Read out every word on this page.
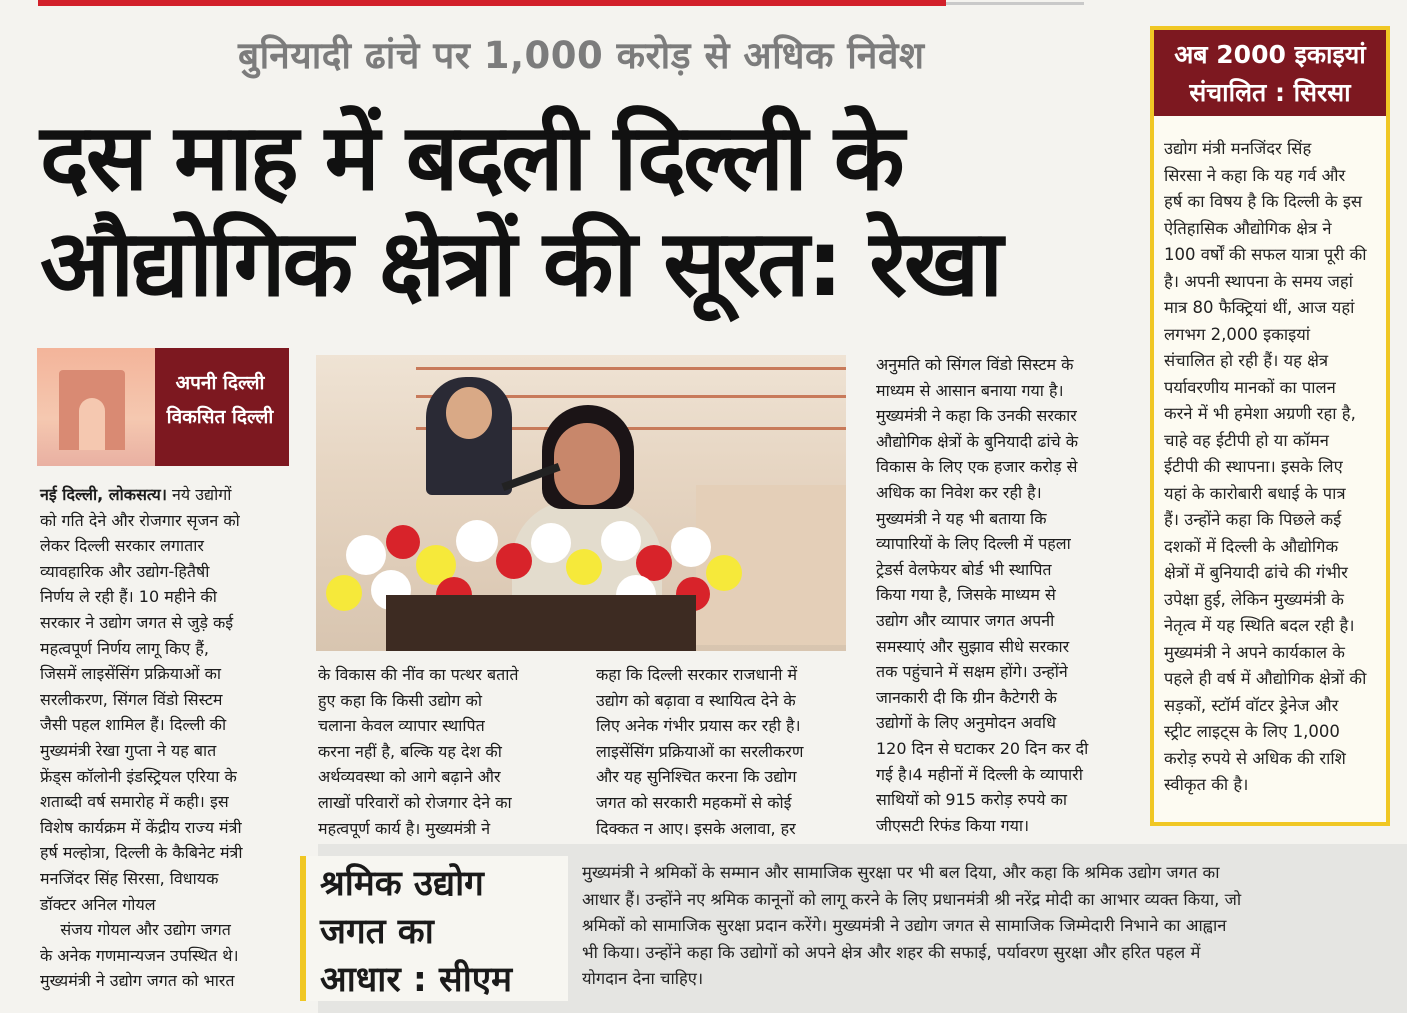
बुनियादी ढांचे पर 1,000 करोड़ से अधिक निवेश
दस माह में बदली दिल्ली के
औद्योगिक क्षेत्रों की सूरत: रेखा
अब 2000 इकाइयां
संचालित : सिरसा
उद्योग मंत्री मनजिंदर सिंह
सिरसा ने कहा कि यह गर्व और
हर्ष का विषय है कि दिल्ली के इस
ऐतिहासिक औद्योगिक क्षेत्र ने
100 वर्षों की सफल यात्रा पूरी की
है। अपनी स्थापना के समय जहां
मात्र 80 फैक्ट्रियां थीं, आज यहां
लगभग 2,000 इकाइयां
संचालित हो रही हैं। यह क्षेत्र
पर्यावरणीय मानकों का पालन
करने में भी हमेशा अग्रणी रहा है,
चाहे वह ईटीपी हो या कॉमन
ईटीपी की स्थापना। इसके लिए
यहां के कारोबारी बधाई के पात्र
हैं। उन्होंने कहा कि पिछले कई
दशकों में दिल्ली के औद्योगिक
क्षेत्रों में बुनियादी ढांचे की गंभीर
उपेक्षा हुई, लेकिन मुख्यमंत्री के
नेतृत्व में यह स्थिति बदल रही है।
मुख्यमंत्री ने अपने कार्यकाल के
पहले ही वर्ष में औद्योगिक क्षेत्रों की
सड़कों, स्टॉर्म वॉटर ड्रेनेज और
स्ट्रीट लाइट्स के लिए 1,000
करोड़ रुपये से अधिक की राशि
स्वीकृत की है।
अपनी दिल्ली
विकसित दिल्ली
नई दिल्ली, लोकसत्य। नये उद्योगों
को गति देने और रोजगार सृजन को
लेकर दिल्ली सरकार लगातार
व्यावहारिक और उद्योग-हितैषी
निर्णय ले रही हैं। 10 महीने की
सरकार ने उद्योग जगत से जुड़े कई
महत्वपूर्ण निर्णय लागू किए हैं,
जिसमें लाइसेंसिंग प्रक्रियाओं का
सरलीकरण, सिंगल विंडो सिस्टम
जैसी पहल शामिल हैं। दिल्ली की
मुख्यमंत्री रेखा गुप्ता ने यह बात
फ्रेंड्स कॉलोनी इंडस्ट्रियल एरिया के
शताब्दी वर्ष समारोह में कही। इस
विशेष कार्यक्रम में केंद्रीय राज्य मंत्री
हर्ष मल्होत्रा, दिल्ली के कैबिनेट मंत्री
मनजिंदर सिंह सिरसा, विधायक
डॉक्टर अनिल गोयल
संजय गोयल और उद्योग जगत
के अनेक गणमान्यजन उपस्थित थे।
मुख्यमंत्री ने उद्योग जगत को भारत
के विकास की नींव का पत्थर बताते
हुए कहा कि किसी उद्योग को
चलाना केवल व्यापार स्थापित
करना नहीं है, बल्कि यह देश की
अर्थव्यवस्था को आगे बढ़ाने और
लाखों परिवारों को रोजगार देने का
महत्वपूर्ण कार्य है। मुख्यमंत्री ने
कहा कि दिल्ली सरकार राजधानी में
उद्योग को बढ़ावा व स्थायित्व देने के
लिए अनेक गंभीर प्रयास कर रही है।
लाइसेंसिंग प्रक्रियाओं का सरलीकरण
और यह सुनिश्चित करना कि उद्योग
जगत को सरकारी महकमों से कोई
दिक्कत न आए। इसके अलावा, हर
अनुमति को सिंगल विंडो सिस्टम के
माध्यम से आसान बनाया गया है।
मुख्यमंत्री ने कहा कि उनकी सरकार
औद्योगिक क्षेत्रों के बुनियादी ढांचे के
विकास के लिए एक हजार करोड़ से
अधिक का निवेश कर रही है।
मुख्यमंत्री ने यह भी बताया कि
व्यापारियों के लिए दिल्ली में पहला
ट्रेडर्स वेलफेयर बोर्ड भी स्थापित
किया गया है, जिसके माध्यम से
उद्योग और व्यापार जगत अपनी
समस्याएं और सुझाव सीधे सरकार
तक पहुंचाने में सक्षम होंगे। उन्होंने
जानकारी दी कि ग्रीन कैटेगरी के
उद्योगों के लिए अनुमोदन अवधि
120 दिन से घटाकर 20 दिन कर दी
गई है।4 महीनों में दिल्ली के व्यापारी
साथियों को 915 करोड़ रुपये का
जीएसटी रिफंड किया गया।
श्रमिक उद्योग
जगत का
आधार : सीएम
मुख्यमंत्री ने श्रमिकों के सम्मान और सामाजिक सुरक्षा पर भी बल दिया, और कहा कि श्रमिक उद्योग जगत का
आधार हैं। उन्होंने नए श्रमिक कानूनों को लागू करने के लिए प्रधानमंत्री श्री नरेंद्र मोदी का आभार व्यक्त किया, जो
श्रमिकों को सामाजिक सुरक्षा प्रदान करेंगे। मुख्यमंत्री ने उद्योग जगत से सामाजिक जिम्मेदारी निभाने का आह्वान
भी किया। उन्होंने कहा कि उद्योगों को अपने क्षेत्र और शहर की सफाई, पर्यावरण सुरक्षा और हरित पहल में
योगदान देना चाहिए।
